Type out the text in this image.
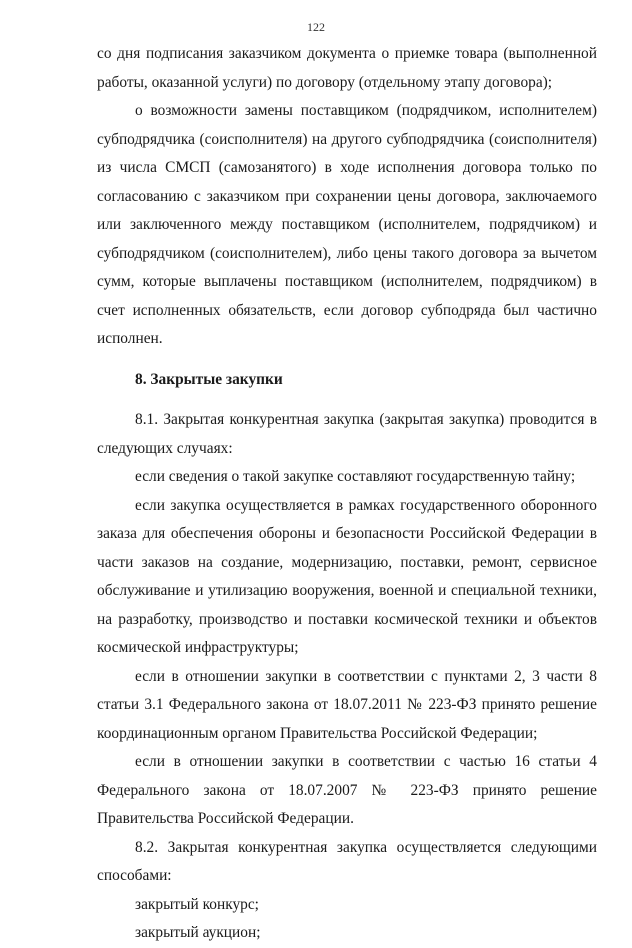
122

со дня подписания заказчиком документа о приемке товара (выполненной работы, оказанной услуги) по договору (отдельному этапу договора);

о возможности замены поставщиком (подрядчиком, исполнителем) субподрядчика (соисполнителя) на другого субподрядчика (соисполнителя) из числа СМСП (самозанятого) в ходе исполнения договора только по согласованию с заказчиком при сохранении цены договора, заключаемого или заключенного между поставщиком (исполнителем, подрядчиком) и субподрядчиком (соисполнителем), либо цены такого договора за вычетом сумм, которые выплачены поставщиком (исполнителем, подрядчиком) в счет исполненных обязательств, если договор субподряда был частично исполнен.

8. Закрытые закупки

8.1. Закрытая конкурентная закупка (закрытая закупка) проводится в следующих случаях:

если сведения о такой закупке составляют государственную тайну;

если закупка осуществляется в рамках государственного оборонного заказа для обеспечения обороны и безопасности Российской Федерации в части заказов на создание, модернизацию, поставки, ремонт, сервисное обслуживание и утилизацию вооружения, военной и специальной техники, на разработку, производство и поставки космической техники и объектов космической инфраструктуры;

если в отношении закупки в соответствии с пунктами 2, 3 части 8 статьи 3.1 Федерального закона от 18.07.2011 № 223-ФЗ принято решение координационным органом Правительства Российской Федерации;

если в отношении закупки в соответствии с частью 16 статьи 4 Федерального закона от 18.07.2007 № 223-ФЗ принято решение Правительства Российской Федерации.

8.2. Закрытая конкурентная закупка осуществляется следующими способами:

закрытый конкурс;

закрытый аукцион;
